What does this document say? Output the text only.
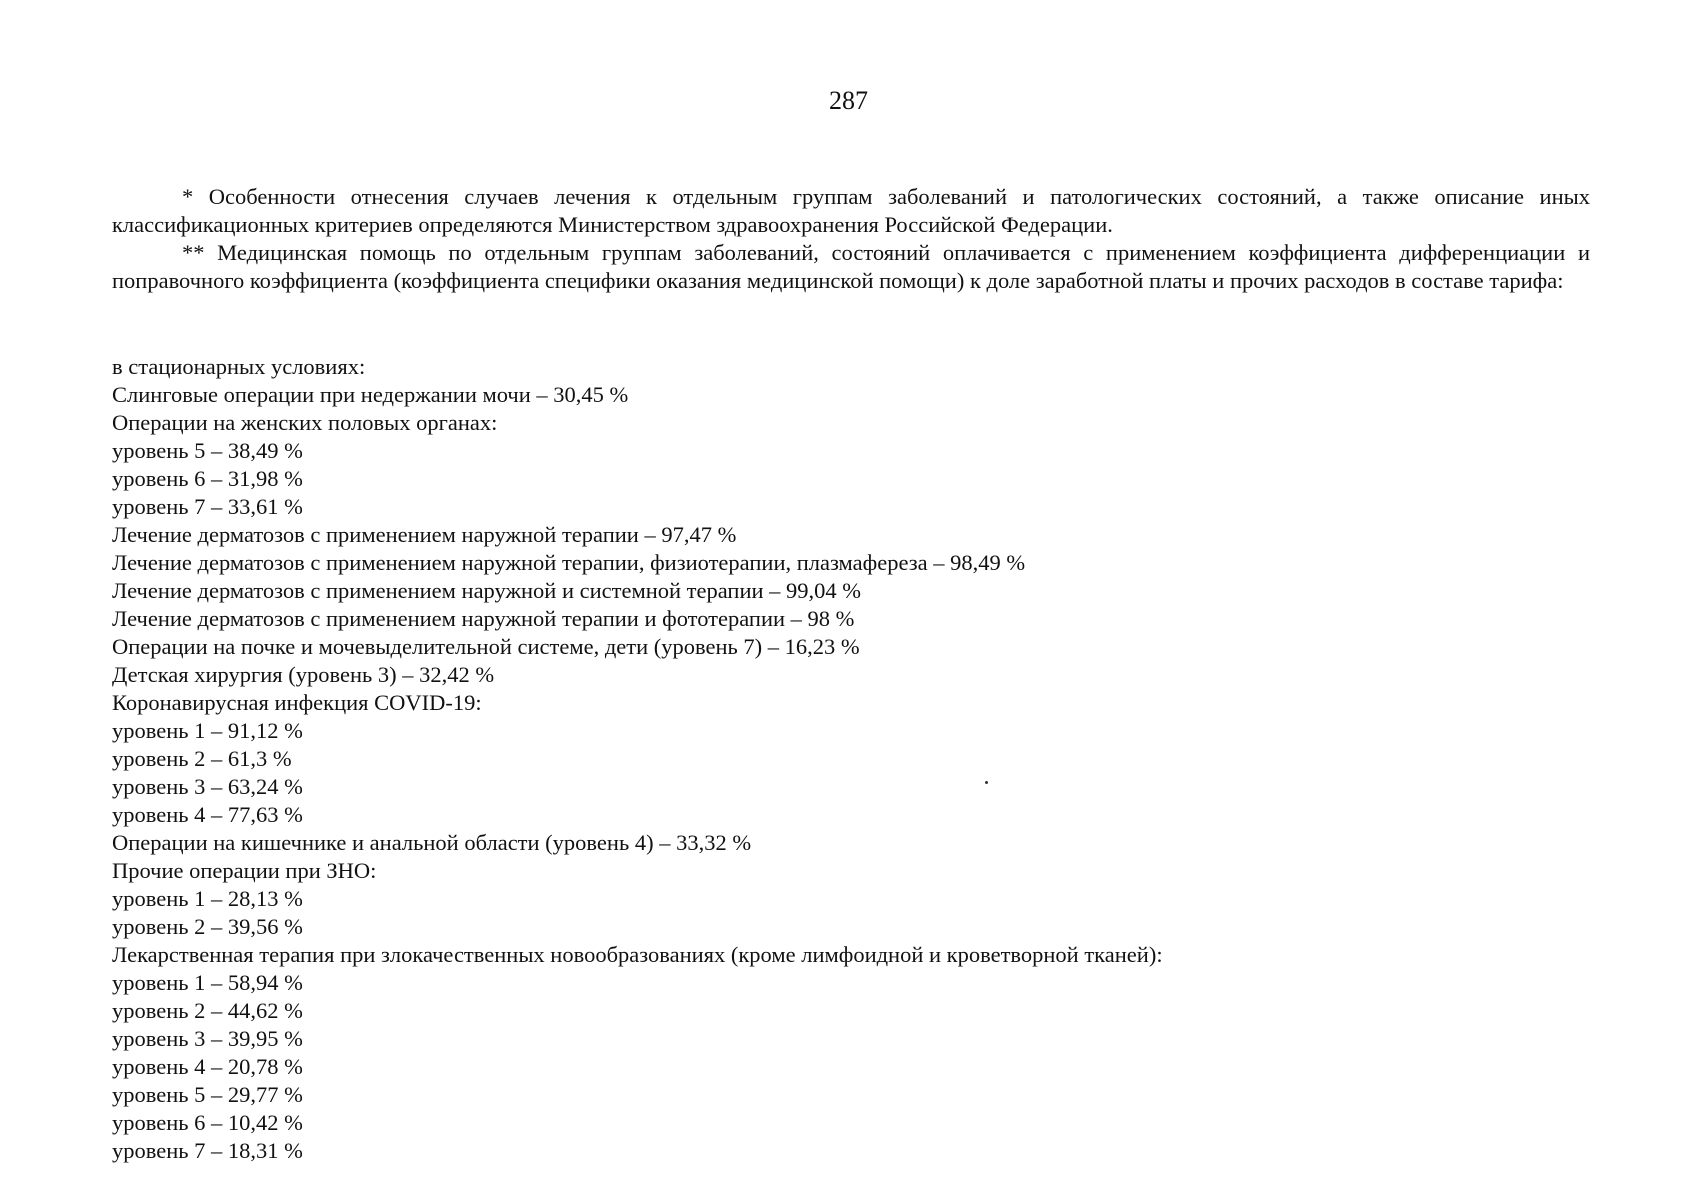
287

* Особенности отнесения случаев лечения к отдельным группам заболеваний и патологических состояний, а также описание иных классификационных критериев определяются Министерством здравоохранения Российской Федерации.

** Медицинская помощь по отдельным группам заболеваний, состояний оплачивается с применением коэффициента дифференциации и поправочного коэффициента (коэффициента специфики оказания медицинской помощи) к доле заработной платы и прочих расходов в составе тарифа:

в стационарных условиях:
Слинговые операции при недержании мочи – 30,45 %
Операции на женских половых органах:
уровень 5 – 38,49 %
уровень 6 – 31,98 %
уровень 7 – 33,61 %
Лечение дерматозов с применением наружной терапии – 97,47 %
Лечение дерматозов с применением наружной терапии, физиотерапии, плазмафереза – 98,49 %
Лечение дерматозов с применением наружной и системной терапии – 99,04 %
Лечение дерматозов с применением наружной терапии и фототерапии – 98 %
Операции на почке и мочевыделительной системе, дети (уровень 7) – 16,23 %
Детская хирургия (уровень 3) – 32,42 %
Коронавирусная инфекция COVID-19:
уровень 1 – 91,12 %
уровень 2 – 61,3 %
уровень 3 – 63,24 %
уровень 4 – 77,63 %
Операции на кишечнике и анальной области (уровень 4) – 33,32 %
Прочие операции при ЗНО:
уровень 1 – 28,13 %
уровень 2 – 39,56 %
Лекарственная терапия при злокачественных новообразованиях (кроме лимфоидной и кроветворной тканей):
уровень 1 – 58,94 %
уровень 2 – 44,62 %
уровень 3 – 39,95 %
уровень 4 – 20,78 %
уровень 5 – 29,77 %
уровень 6 – 10,42 %
уровень 7 – 18,31 %
